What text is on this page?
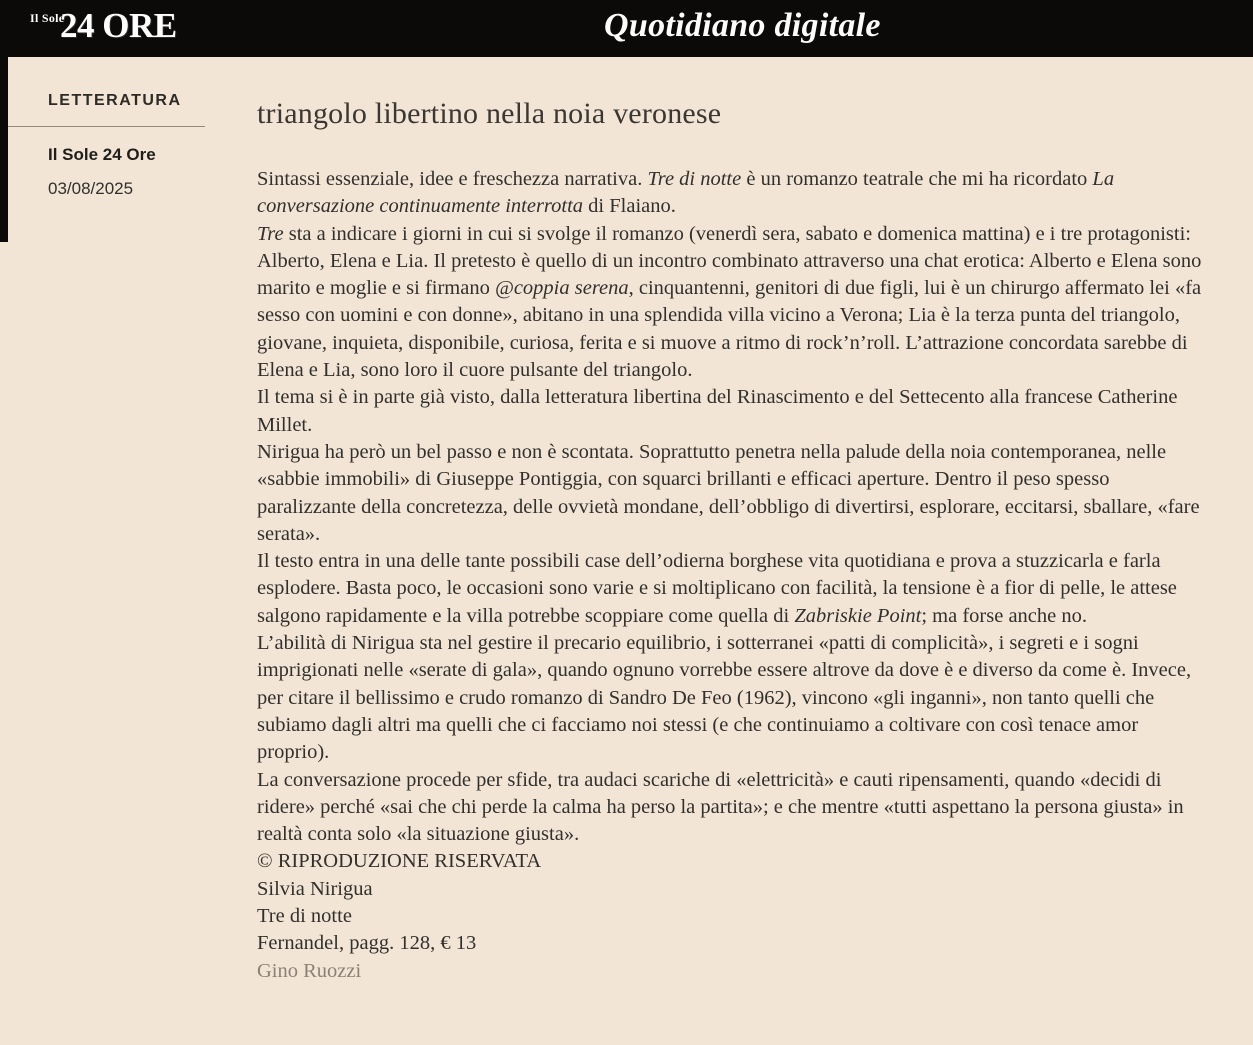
Il Sole
24 ORE	Quotidiano digitale
LETTERATURA
Il Sole 24 Ore
03/08/2025
triangolo libertino nella noia veronese

Sintassi essenziale, idee e freschezza narrativa. Tre di notte è un romanzo teatrale che mi ha ricordato La conversazione continuamente interrotta di Flaiano.

Tre sta a indicare i giorni in cui si svolge il romanzo (venerdì sera, sabato e domenica mattina) e i tre protagonisti: Alberto, Elena e Lia. Il pretesto è quello di un incontro combinato attraverso una chat erotica: Alberto e Elena sono marito e moglie e si firmano @coppia serena, cinquantenni, genitori di due figli, lui è un chirurgo affermato lei «fa sesso con uomini e con donne», abitano in una splendida villa vicino a Verona; Lia è la terza punta del triangolo, giovane, inquieta, disponibile, curiosa, ferita e si muove a ritmo di rock’n’roll. L’attrazione concordata sarebbe di Elena e Lia, sono loro il cuore pulsante del triangolo.

Il tema si è in parte già visto, dalla letteratura libertina del Rinascimento e del Settecento alla francese Catherine Millet.

Nirigua ha però un bel passo e non è scontata. Soprattutto penetra nella palude della noia contemporanea, nelle «sabbie immobili» di Giuseppe Pontiggia, con squarci brillanti e efficaci aperture. Dentro il peso spesso paralizzante della concretezza, delle ovvietà mondane, dell’obbligo di divertirsi, esplorare, eccitarsi, sballare, «fare serata».

Il testo entra in una delle tante possibili case dell’odierna borghese vita quotidiana e prova a stuzzicarla e farla esplodere. Basta poco, le occasioni sono varie e si moltiplicano con facilità, la tensione è a fior di pelle, le attese salgono rapidamente e la villa potrebbe scoppiare come quella di Zabriskie Point; ma forse anche no.

L’abilità di Nirigua sta nel gestire il precario equilibrio, i sotterranei «patti di complicità», i segreti e i sogni imprigionati nelle «serate di gala», quando ognuno vorrebbe essere altrove da dove è e diverso da come è. Invece, per citare il bellissimo e crudo romanzo di Sandro De Feo (1962), vincono «gli inganni», non tanto quelli che subiamo dagli altri ma quelli che ci facciamo noi stessi (e che continuiamo a coltivare con così tenace amor proprio).

La conversazione procede per sfide, tra audaci scariche di «elettricità» e cauti ripensamenti, quando «decidi di ridere» perché «sai che chi perde la calma ha perso la partita»; e che mentre «tutti aspettano la persona giusta» in realtà conta solo «la situazione giusta».

© RIPRODUZIONE RISERVATA

Silvia Nirigua

Tre di notte

Fernandel, pagg. 128, € 13

Gino Ruozzi
